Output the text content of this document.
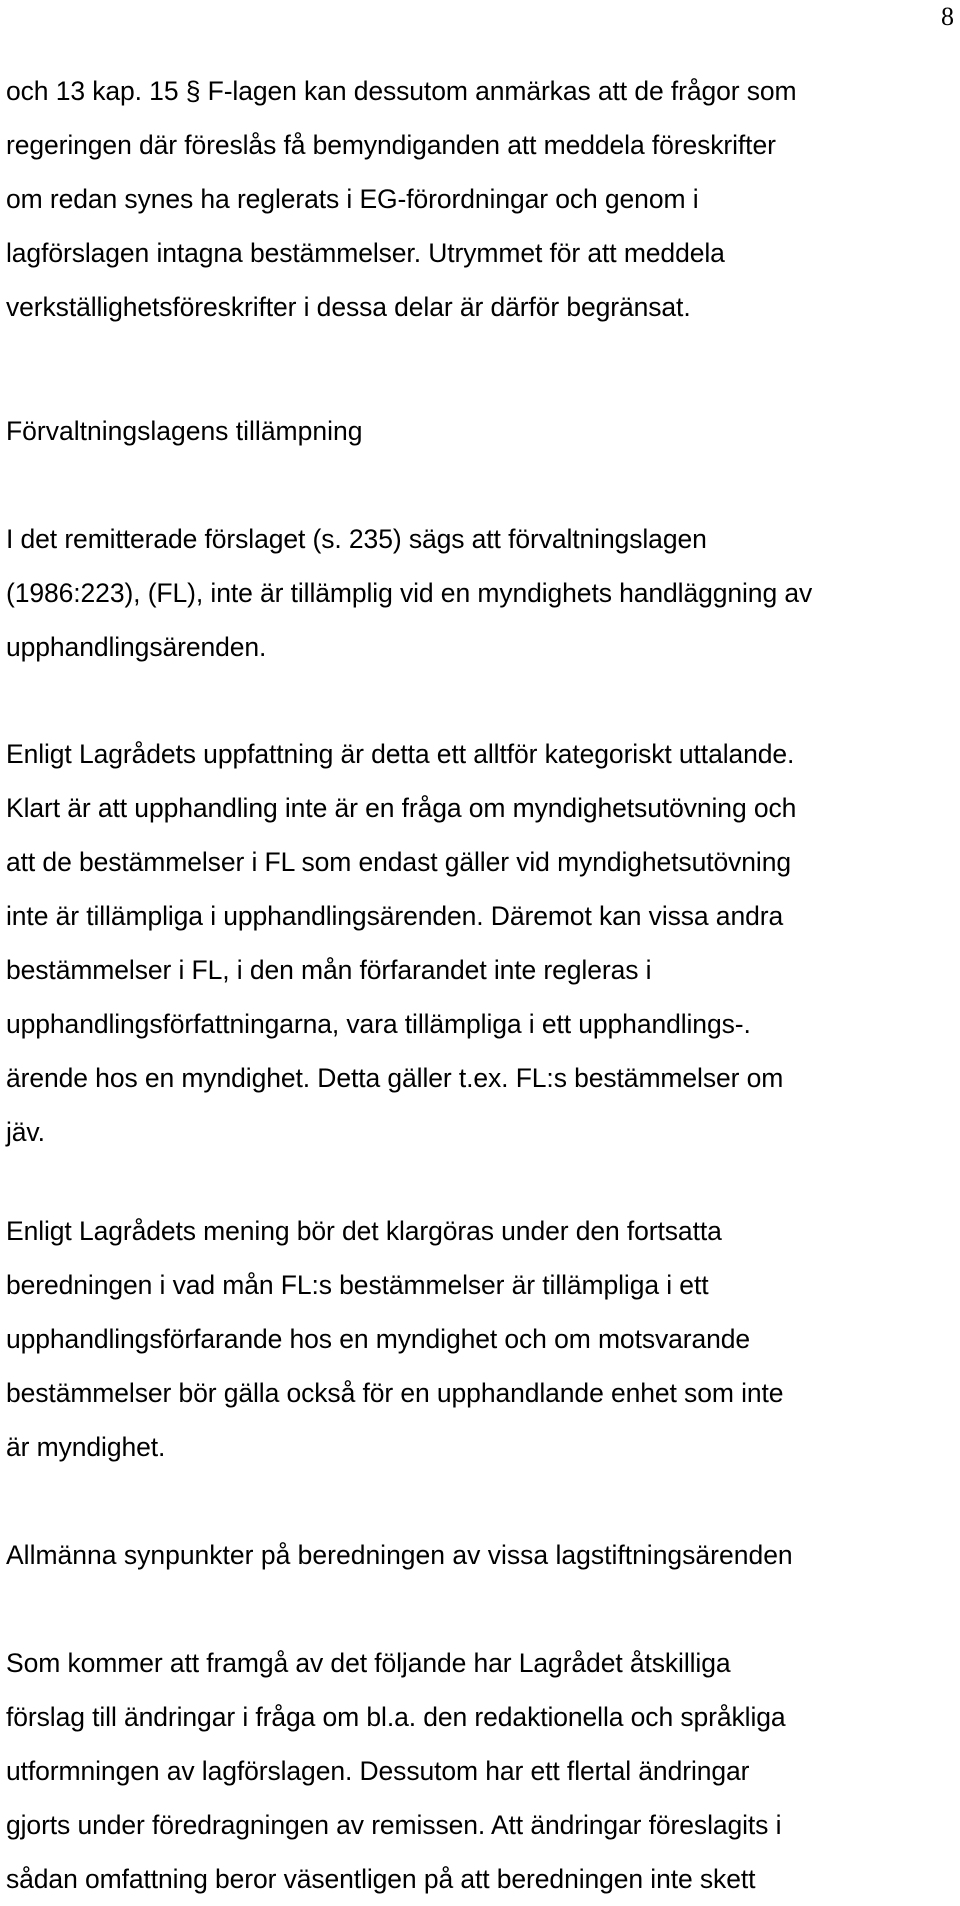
8
och 13 kap. 15 § F-lagen kan dessutom anmärkas att de frågor som
regeringen där föreslås få bemyndiganden att meddela föreskrifter
om redan synes ha reglerats i EG-förordningar och genom i
lagförslagen intagna bestämmelser. Utrymmet för att meddela
verkställighetsföreskrifter i dessa delar är därför begränsat.
Förvaltningslagens tillämpning
I det remitterade förslaget (s. 235) sägs att förvaltningslagen
(1986:223), (FL), inte är tillämplig vid en myndighets handläggning av
upphandlingsärenden.
Enligt Lagrådets uppfattning är detta ett alltför kategoriskt uttalande.
Klart är att upphandling inte är en fråga om myndighetsutövning och
att de bestämmelser i FL som endast gäller vid myndighetsutövning
inte är tillämpliga i upphandlingsärenden. Däremot kan vissa andra
bestämmelser i FL, i den mån förfarandet inte regleras i
upphandlingsförfattningarna, vara tillämpliga i ett upphandlings-.
ärende hos en myndighet. Detta gäller t.ex. FL:s bestämmelser om
jäv.
Enligt Lagrådets mening bör det klargöras under den fortsatta
beredningen i vad mån FL:s bestämmelser är tillämpliga i ett
upphandlingsförfarande hos en myndighet och om motsvarande
bestämmelser bör gälla också för en upphandlande enhet som inte
är myndighet.
Allmänna synpunkter på beredningen av vissa lagstiftningsärenden
Som kommer att framgå av det följande har Lagrådet åtskilliga
förslag till ändringar i fråga om bl.a. den redaktionella och språkliga
utformningen av lagförslagen. Dessutom har ett flertal ändringar
gjorts under föredragningen av remissen. Att ändringar föreslagits i
sådan omfattning beror väsentligen på att beredningen inte skett
